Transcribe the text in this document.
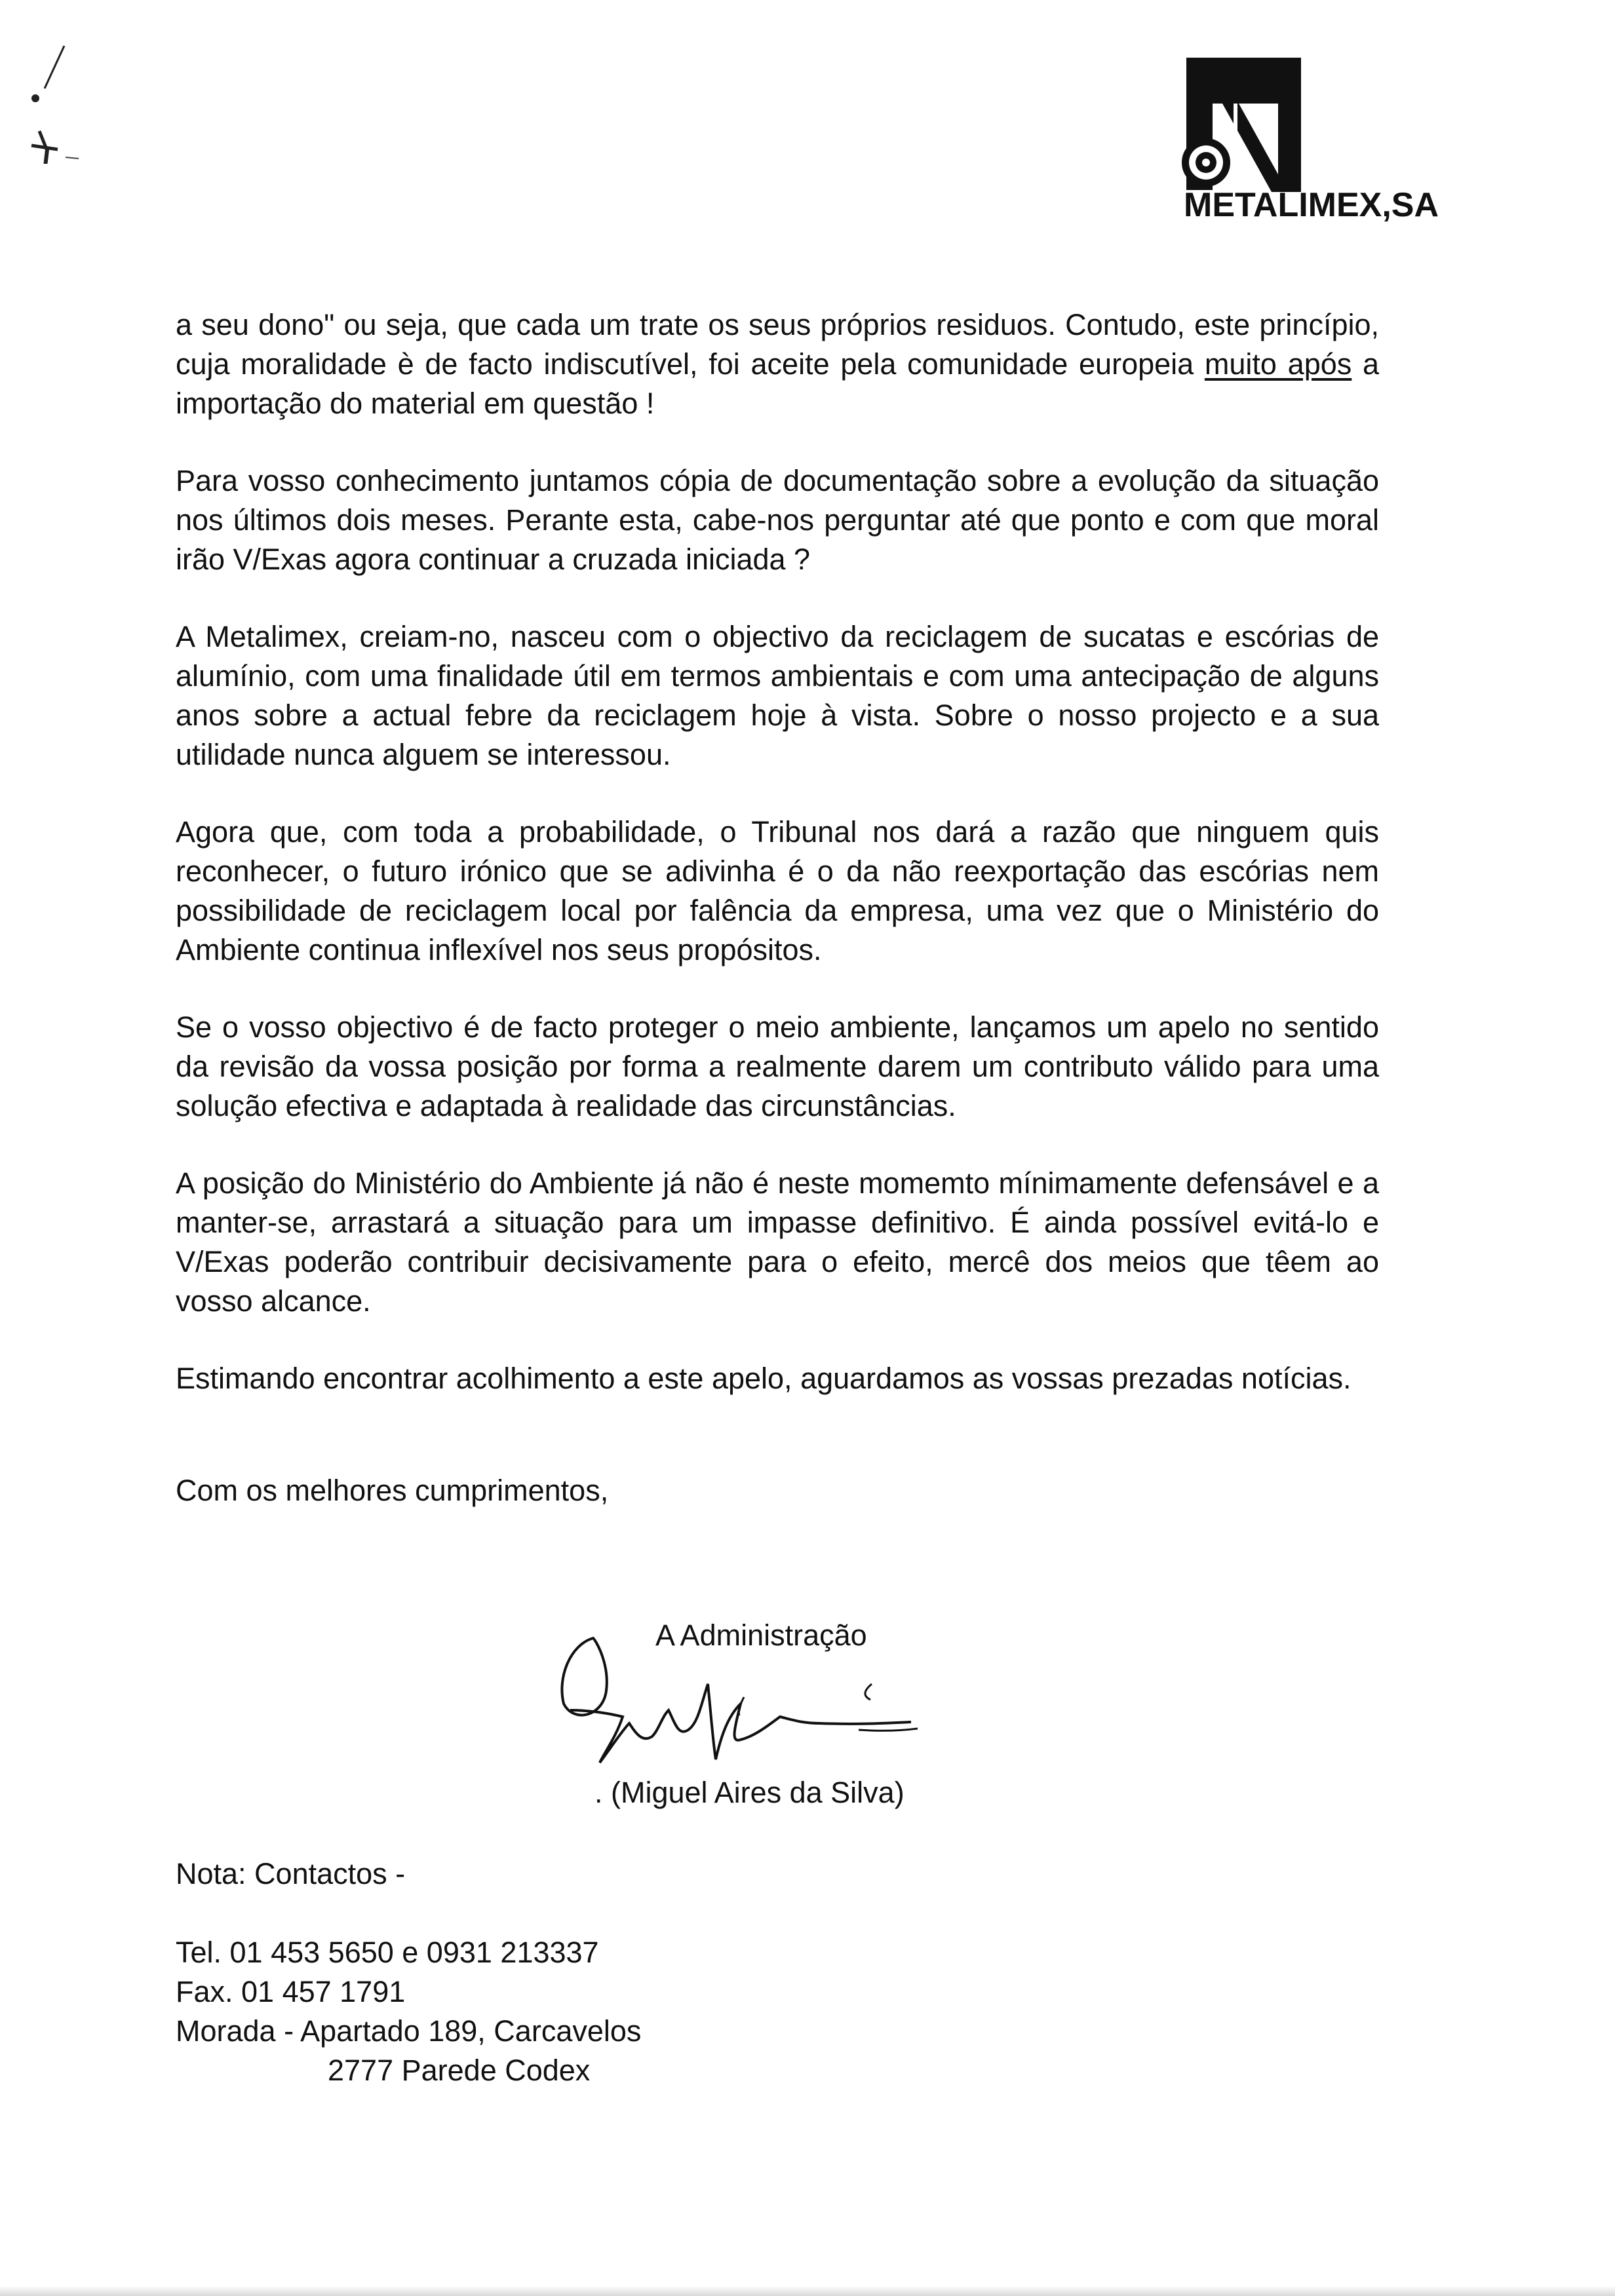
METALIMEX,SA

a seu dono" ou seja, que cada um trate os seus próprios residuos. Contudo, este princípio, cuja moralidade è de facto indiscutível, foi aceite pela comunidade europeia muito após a importação do material em questão !

Para vosso conhecimento juntamos cópia de documentação sobre a evolução da situação nos últimos dois meses. Perante esta, cabe-nos perguntar até que ponto e com que moral irão V/Exas agora continuar a cruzada iniciada ?

A Metalimex, creiam-no, nasceu com o objectivo da reciclagem de sucatas e escórias de alumínio, com uma finalidade útil em termos ambientais e com uma antecipação de alguns anos sobre a actual febre da reciclagem hoje à vista. Sobre o nosso projecto e a sua utilidade nunca alguem se interessou.

Agora que, com toda a probabilidade, o Tribunal nos dará a razão que ninguem quis reconhecer, o futuro irónico que se adivinha é o da não reexportação das escórias nem possibilidade de reciclagem local por falência da empresa, uma vez que o Ministério do Ambiente continua inflexível nos seus propósitos.

Se o vosso objectivo é de facto proteger o meio ambiente, lançamos um apelo no sentido da revisão da vossa posição por forma a realmente darem um contributo válido para uma solução efectiva e adaptada à realidade das circunstâncias.

A posição do Ministério do Ambiente já não é neste momemto mínimamente defensável e a manter-se, arrastará a situação para um impasse definitivo. É ainda possível evitá-lo e V/Exas poderão contribuir decisivamente para o efeito, mercê dos meios que têem ao vosso alcance.

Estimando encontrar acolhimento a este apelo, aguardamos as vossas prezadas notícias.

Com os melhores cumprimentos,
A Administração
. (Miguel Aires da Silva)
Nota: Contactos -
Tel. 01 453 5650 e 0931 213337
Fax. 01 457 1791
Morada - Apartado 189, Carcavelos
2777 Parede Codex
